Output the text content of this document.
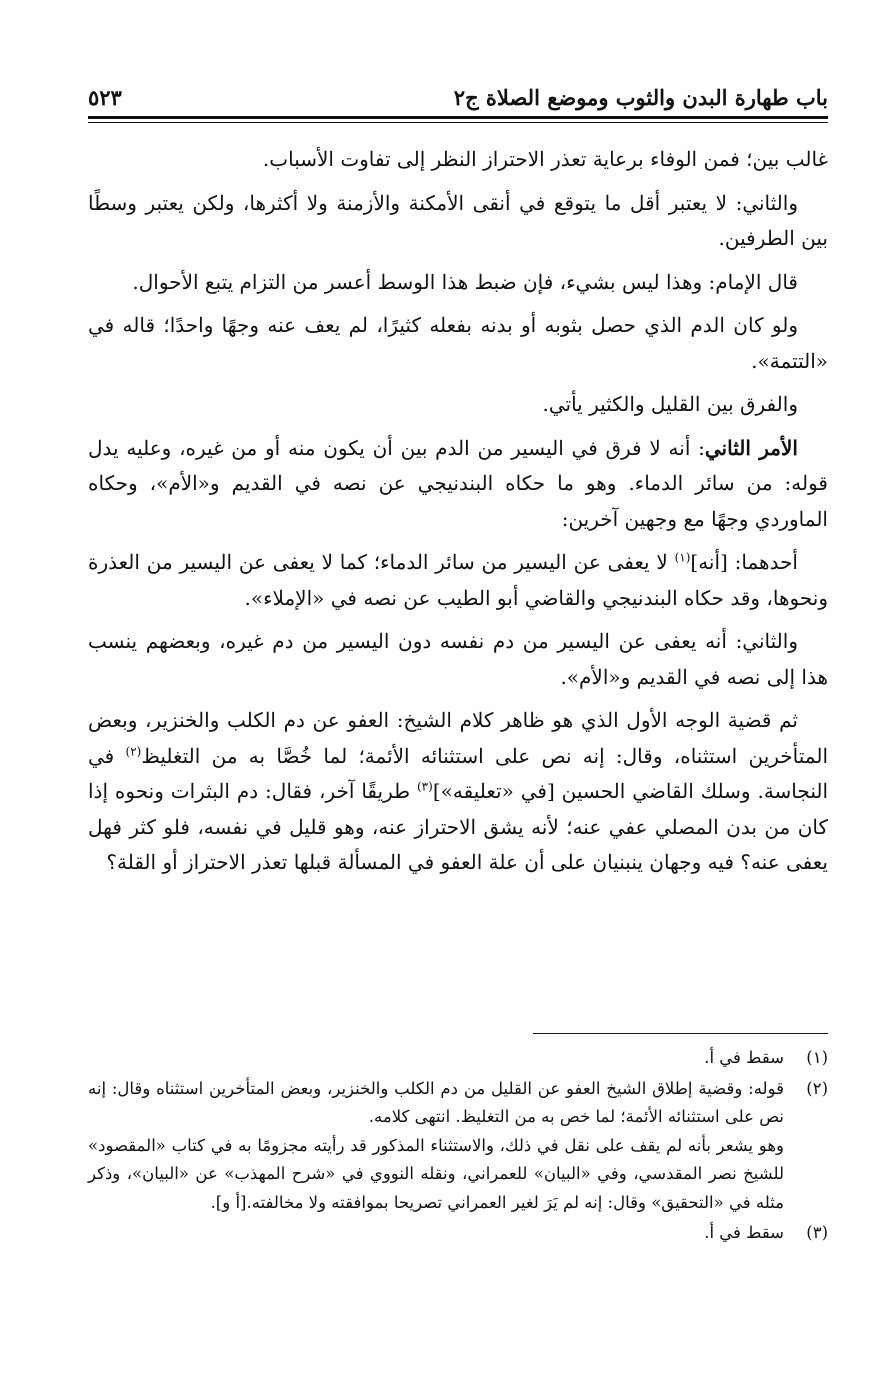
باب طهارة البدن والثوب وموضع الصلاة ج٢
٥٢٣

غالب بين؛ فمن الوفاء برعاية تعذر الاحتراز النظر إلى تفاوت الأسباب.

والثاني: لا يعتبر أقل ما يتوقع في أنقى الأمكنة والأزمنة ولا أكثرها، ولكن يعتبر وسطًا بين الطرفين.

قال الإمام: وهذا ليس بشيء، فإن ضبط هذا الوسط أعسر من التزام يتبع الأحوال.

ولو كان الدم الذي حصل بثوبه أو بدنه بفعله كثيرًا، لم يعف عنه وجهًا واحدًا؛ قاله في «التتمة».

والفرق بين القليل والكثير يأتي.

الأمر الثاني: أنه لا فرق في اليسير من الدم بين أن يكون منه أو من غيره، وعليه يدل قوله: من سائر الدماء. وهو ما حكاه البندنيجي عن نصه في القديم و«الأم»، وحكاه الماوردي وجهًا مع وجهين آخرين:

أحدهما: [أنه]$^{(١)}$ لا يعفى عن اليسير من سائر الدماء؛ كما لا يعفى عن اليسير من العذرة ونحوها، وقد حكاه البندنيجي والقاضي أبو الطيب عن نصه في «الإملاء».

والثاني: أنه يعفى عن اليسير من دم نفسه دون اليسير من دم غيره، وبعضهم ينسب هذا إلى نصه في القديم و«الأم».

ثم قضية الوجه الأول الذي هو ظاهر كلام الشيخ: العفو عن دم الكلب والخنزير، وبعض المتأخرين استثناه، وقال: إنه نص على استثنائه الأئمة؛ لما خُصَّا به من التغليظ$^{(٢)}$ في النجاسة. وسلك القاضي الحسين [في «تعليقه»]$^{(٣)}$ طريقًا آخر، فقال: دم البثرات ونحوه إذا كان من بدن المصلي عفي عنه؛ لأنه يشق الاحتراز عنه، وهو قليل في نفسه، فلو كثر فهل يعفى عنه؟ فيه وجهان ينبنيان على أن علة العفو في المسألة قبلها تعذر الاحتراز أو القلة؟

(١)
سقط في أ.
(٢)
قوله: وقضية إطلاق الشيخ العفو عن القليل من دم الكلب والخنزير، وبعض المتأخرين استثناه وقال: إنه نص على استثنائه الأئمة؛ لما خص به من التغليظ. انتهى كلامه.
وهو يشعر بأنه لم يقف على نقل في ذلك، والاستثناء المذكور قد رأيته مجزومًا به في كتاب «المقصود» للشيخ نصر المقدسي، وفي «البيان» للعمراني، ونقله النووي في «شرح المهذب» عن «البيان»، وذكر مثله في «التحقيق» وقال: إنه لم يَرَ لغير العمراني تصريحا بموافقته ولا مخالفته.[أ و].
(٣)
سقط في أ.
